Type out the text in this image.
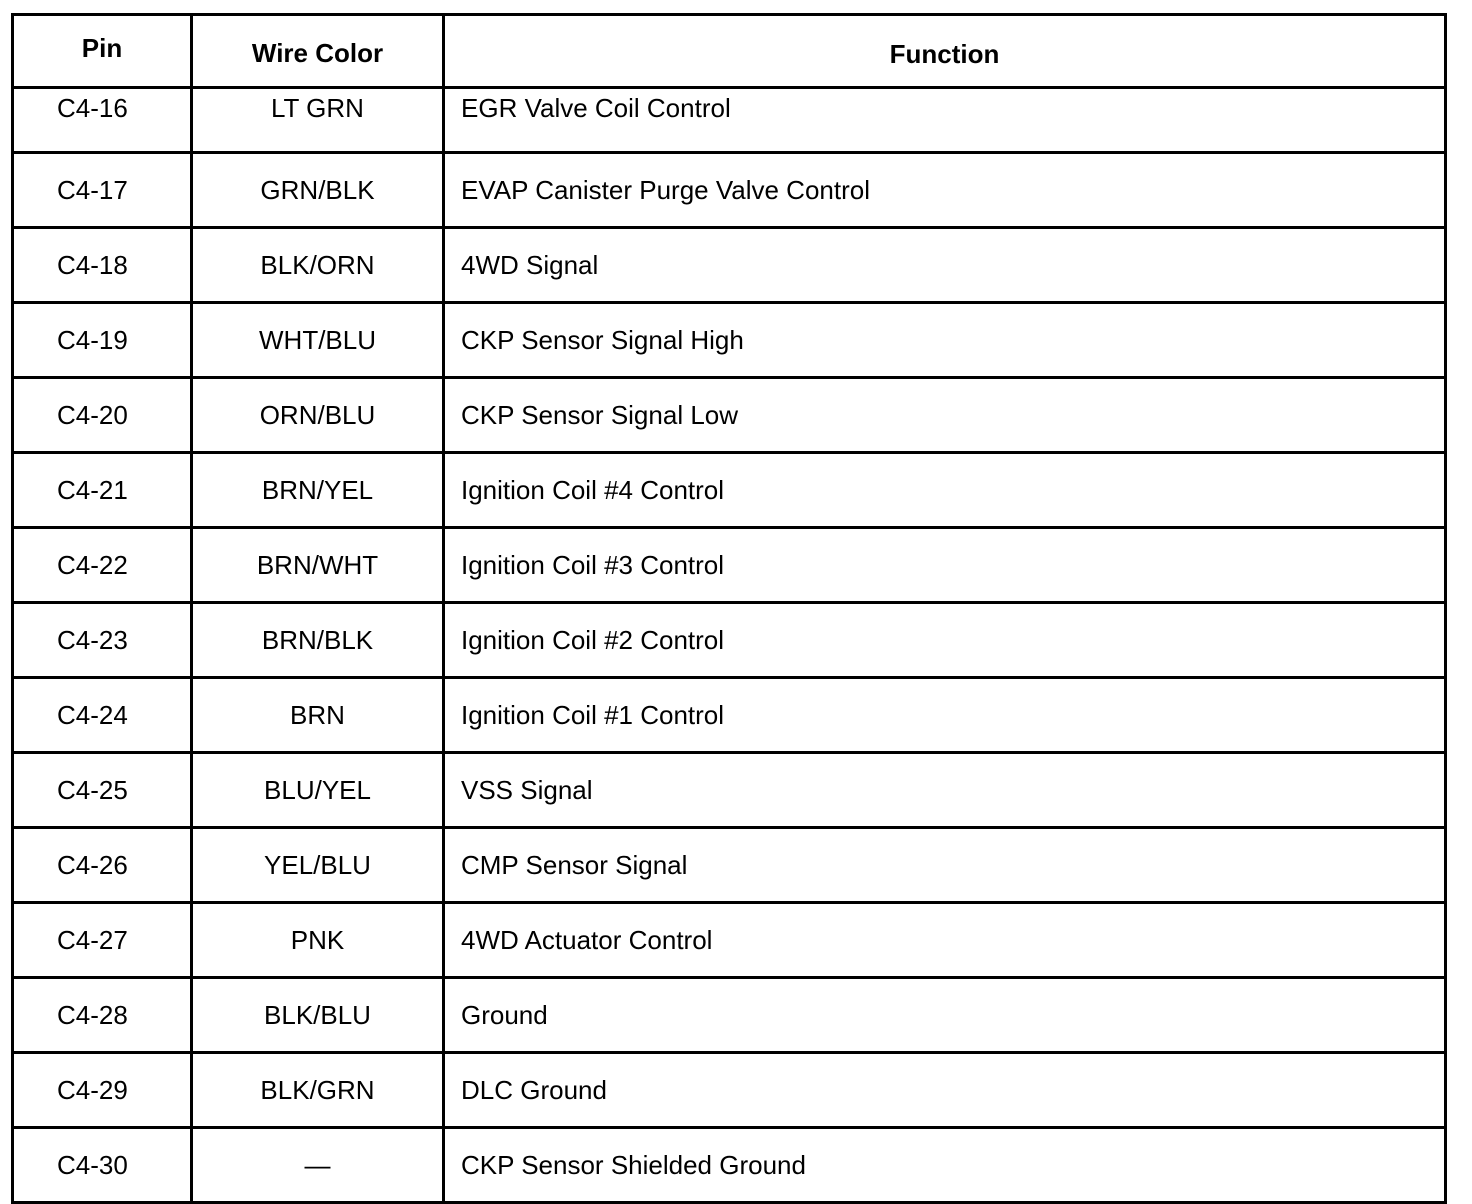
Pin	Wire Color	Function
C4-16	LT GRN	EGR Valve Coil Control
C4-17	GRN/BLK	EVAP Canister Purge Valve Control
C4-18	BLK/ORN	4WD Signal
C4-19	WHT/BLU	CKP Sensor Signal High
C4-20	ORN/BLU	CKP Sensor Signal Low
C4-21	BRN/YEL	Ignition Coil #4 Control
C4-22	BRN/WHT	Ignition Coil #3 Control
C4-23	BRN/BLK	Ignition Coil #2 Control
C4-24	BRN	Ignition Coil #1 Control
C4-25	BLU/YEL	VSS Signal
C4-26	YEL/BLU	CMP Sensor Signal
C4-27	PNK	4WD Actuator Control
C4-28	BLK/BLU	Ground
C4-29	BLK/GRN	DLC Ground
C4-30	—	CKP Sensor Shielded Ground
